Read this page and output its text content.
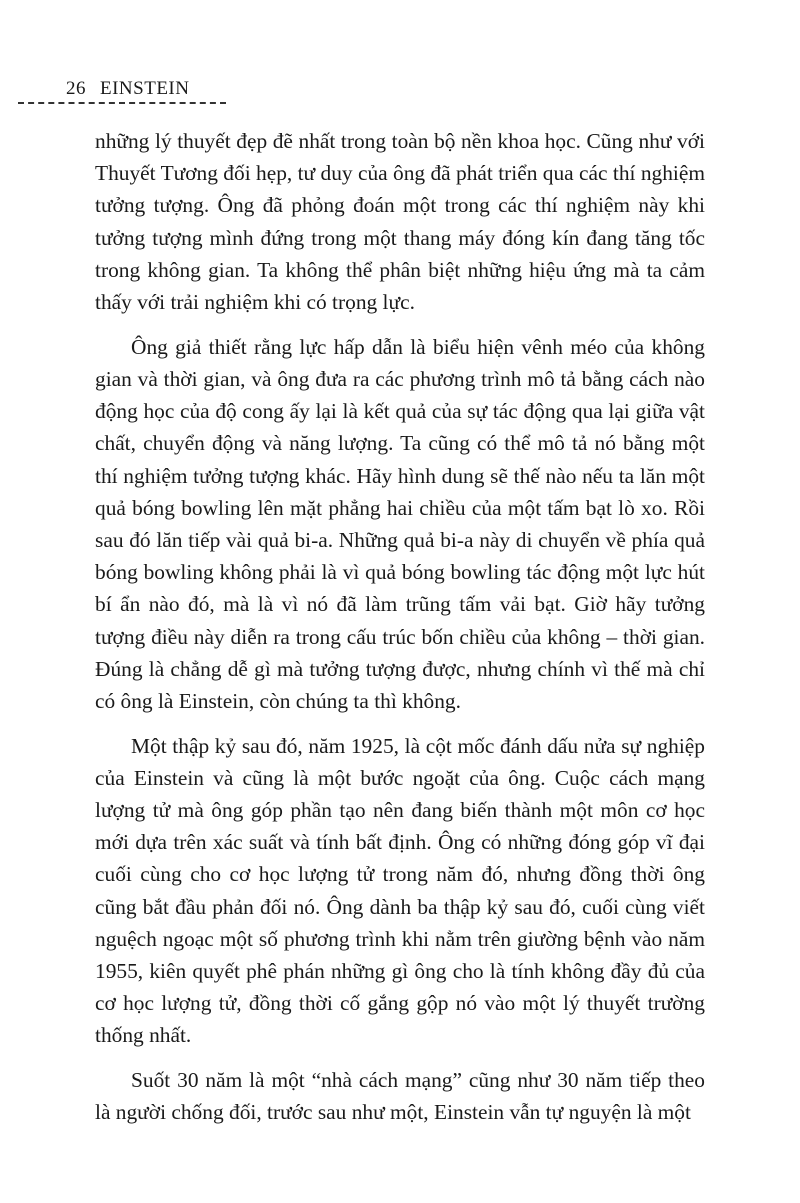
26 EINSTEIN

những lý thuyết đẹp đẽ nhất trong toàn bộ nền khoa học. Cũng như với Thuyết Tương đối hẹp, tư duy của ông đã phát triển qua các thí nghiệm tưởng tượng. Ông đã phỏng đoán một trong các thí nghiệm này khi tưởng tượng mình đứng trong một thang máy đóng kín đang tăng tốc trong không gian. Ta không thể phân biệt những hiệu ứng mà ta cảm thấy với trải nghiệm khi có trọng lực.

Ông giả thiết rằng lực hấp dẫn là biểu hiện vênh méo của không gian và thời gian, và ông đưa ra các phương trình mô tả bằng cách nào động học của độ cong ấy lại là kết quả của sự tác động qua lại giữa vật chất, chuyển động và năng lượng. Ta cũng có thể mô tả nó bằng một thí nghiệm tưởng tượng khác. Hãy hình dung sẽ thế nào nếu ta lăn một quả bóng bowling lên mặt phẳng hai chiều của một tấm bạt lò xo. Rồi sau đó lăn tiếp vài quả bi-a. Những quả bi-a này di chuyển về phía quả bóng bowling không phải là vì quả bóng bowling tác động một lực hút bí ẩn nào đó, mà là vì nó đã làm trũng tấm vải bạt. Giờ hãy tưởng tượng điều này diễn ra trong cấu trúc bốn chiều của không – thời gian. Đúng là chẳng dễ gì mà tưởng tượng được, nhưng chính vì thế mà chỉ có ông là Einstein, còn chúng ta thì không.

Một thập kỷ sau đó, năm 1925, là cột mốc đánh dấu nửa sự nghiệp của Einstein và cũng là một bước ngoặt của ông. Cuộc cách mạng lượng tử mà ông góp phần tạo nên đang biến thành một môn cơ học mới dựa trên xác suất và tính bất định. Ông có những đóng góp vĩ đại cuối cùng cho cơ học lượng tử trong năm đó, nhưng đồng thời ông cũng bắt đầu phản đối nó. Ông dành ba thập kỷ sau đó, cuối cùng viết nguệch ngoạc một số phương trình khi nằm trên giường bệnh vào năm 1955, kiên quyết phê phán những gì ông cho là tính không đầy đủ của cơ học lượng tử, đồng thời cố gắng gộp nó vào một lý thuyết trường thống nhất.

Suốt 30 năm là một “nhà cách mạng” cũng như 30 năm tiếp theo là người chống đối, trước sau như một, Einstein vẫn tự nguyện là một
